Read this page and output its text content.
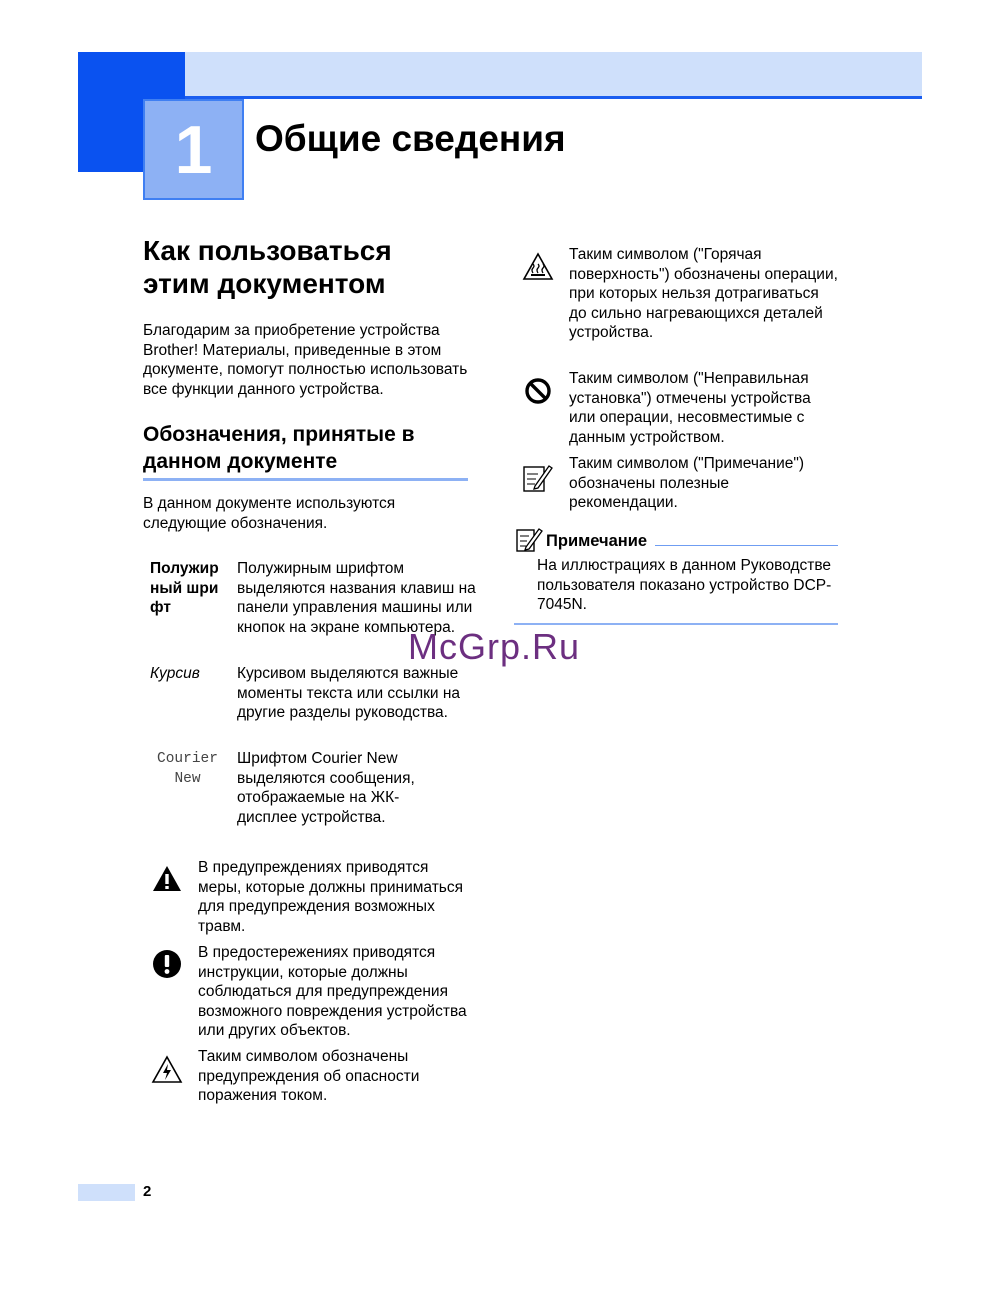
1	Общие сведения
Как пользоваться
этим документом
Благодарим за приобретение устройства Brother! Материалы, приведенные в этом документе, помогут полностью использовать все функции данного устройства.
Обозначения, принятые в
данном документе
В данном документе используются следующие обозначения.
Полужирный шрифт
Полужирным шрифтом выделяются названия клавиш на панели управления машины или кнопок на экране компьютера.
Курсив	Курсивом выделяются важные моменты текста или ссылки на другие разделы руководства.
Courier New
Шрифтом Courier New выделяются сообщения, отображаемые на ЖК-дисплее устройства.
В предупреждениях приводятся меры, которые должны приниматься для предупреждения возможных травм.
В предостережениях приводятся инструкции, которые должны соблюдаться для предупреждения возможного повреждения устройства или других объектов.
Таким символом обозначены предупреждения об опасности поражения током.
Таким символом ("Горячая поверхность") обозначены операции, при которых нельзя дотрагиваться до сильно нагревающихся деталей устройства.
Таким символом ("Неправильная установка") отмечены устройства или операции, несовместимые с данным устройством.
Таким символом ("Примечание") обозначены полезные рекомендации.
Примечание
На иллюстрациях в данном Руководстве пользователя показано устройство DCP-7045N.
McGrp.Ru
2
